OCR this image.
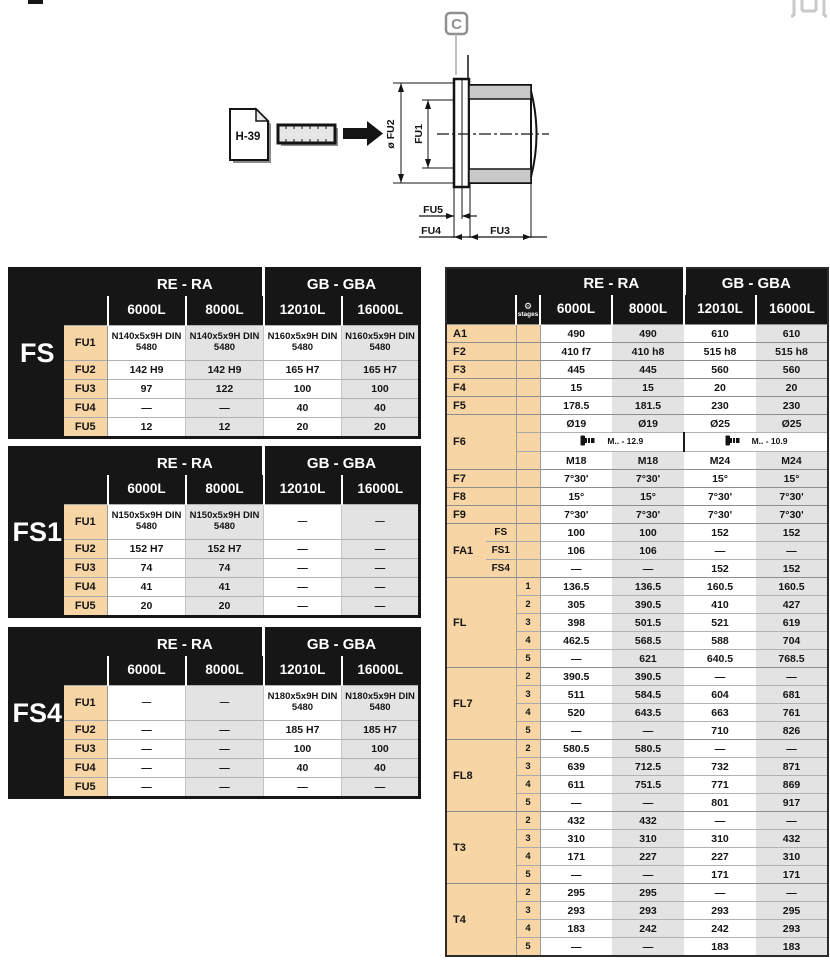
C
H-39	ø FU2 FU1
FU5
FU4	FU3
FS		RE - RA		GB - GBA	
		6000L	8000L	12010L	16000L
	FU1	N140x5x9H DIN 5480	N140x5x9H DIN 5480	N160x5x9H DIN 5480	N160x5x9H DIN 5480
	FU2	142 H9	142 H9	165 H7	165 H7
	FU3	97	122	100	100
	FU4	—	—	40	40
	FU5	12	12	20	20
FS1		RE - RA		GB - GBA	
		6000L	8000L	12010L	16000L
	FU1	N150x5x9H DIN 5480	N150x5x9H DIN 5480	—	—
	FU2	152 H7	152 H7	—	—
	FU3	74	74	—	—
	FU4	41	41	—	—
	FU5	20	20	—	—
FS4		RE - RA		GB - GBA	
		6000L	8000L	12010L	16000L
	FU1	—	—	N180x5x9H DIN 5480	N180x5x9H DIN 5480
	FU2	—	—	185 H7	185 H7
	FU3	—	—	100	100
	FU4	—	—	40	40
	FU5	—	—	—	—
			RE - RA		GB - GBA	

		⚙
stages	6000L	8000L	12010L	16000L
A1			490	490	610	610
F2			410 f7	410 h8	515 h8	515 h8
F3			445	445	560	560
F4			15	15	20	20
F5			178.5	181.5	230	230
F6			Ø19	Ø19	Ø25	Ø25

			M.. - 12.9		M.. - 10.9	

			M18	M18	M24	M24
F7			7°30'	7°30'	15°	15°
F8			15°	15°	7°30'	7°30'
F9			7°30'	7°30'	7°30'	7°30'
FA1	FS		100	100	152	152
	FS1		106	106	—	—
	FS4		—	—	152	152
FL		1	136.5	136.5	160.5	160.5
		2	305	390.5	410	427
		3	398	501.5	521	619
		4	462.5	568.5	588	704
		5	—	621	640.5	768.5
FL7		2	390.5	390.5	—	—
		3	511	584.5	604	681
		4	520	643.5	663	761
		5	—	—	710	826
FL8		2	580.5	580.5	—	—
		3	639	712.5	732	871
		4	611	751.5	771	869
		5	—	—	801	917
T3		2	432	432	—	—
		3	310	310	310	432
		4	171	227	227	310
		5	—	—	171	171
T4		2	295	295	—	—
		3	293	293	293	295
		4	183	242	242	293
		5	—	—	183	183
